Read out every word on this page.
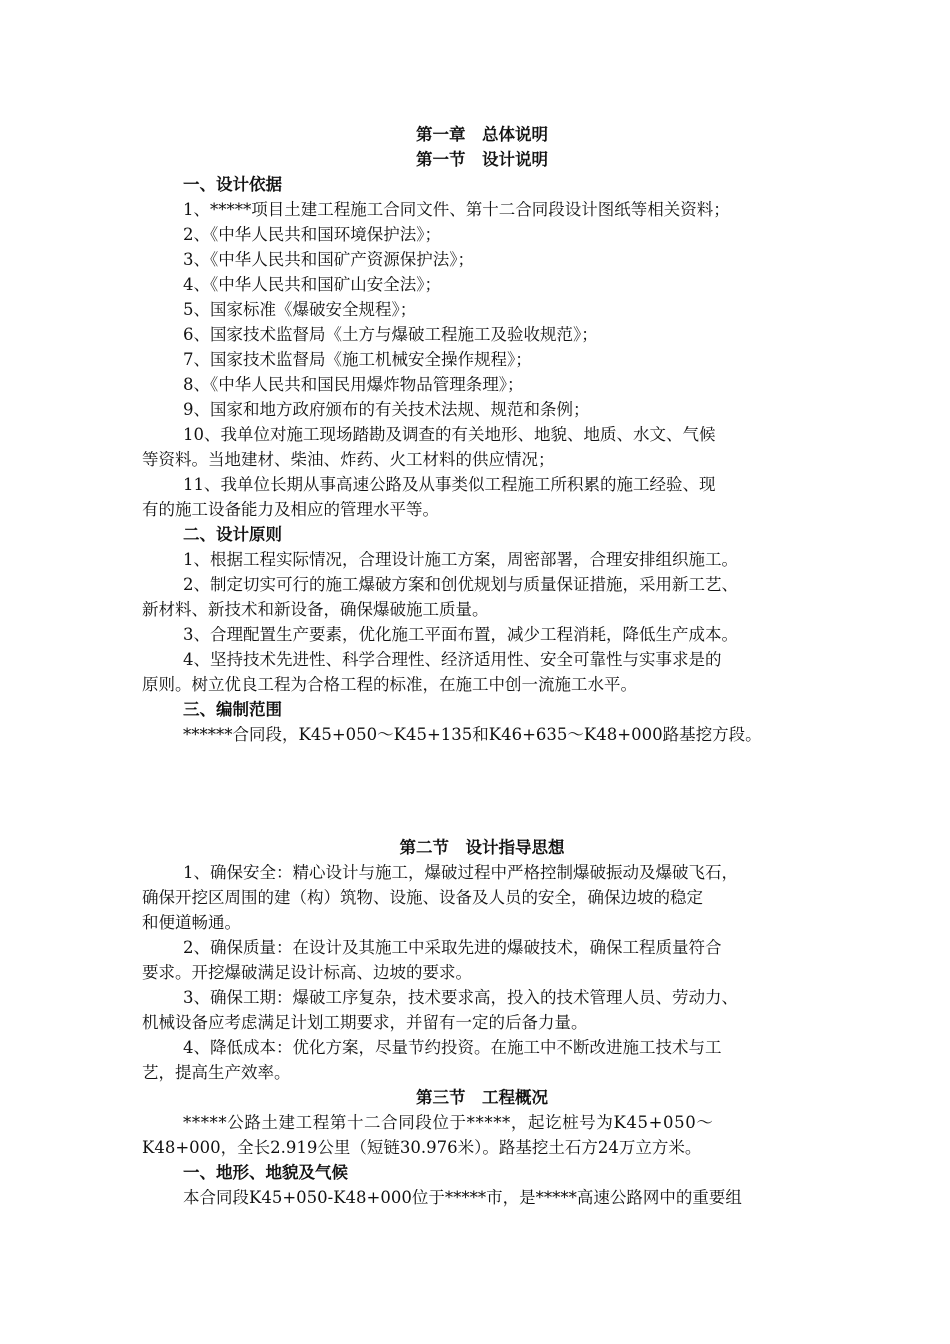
第一章　总体说明
第一节　设计说明
一、设计依据
1、*****项目土建工程施工合同文件、第十二合同段设计图纸等相关资料；
2、《中华人民共和国环境保护法》；
3、《中华人民共和国矿产资源保护法》；
4、《中华人民共和国矿山安全法》；
5、国家标准《爆破安全规程》；
6、国家技术监督局《土方与爆破工程施工及验收规范》；
7、国家技术监督局《施工机械安全操作规程》；
8、《中华人民共和国民用爆炸物品管理条理》；
9、国家和地方政府颁布的有关技术法规、规范和条例；
10、我单位对施工现场踏勘及调查的有关地形、地貌、地质、水文、气候
等资料。当地建材、柴油、炸药、火工材料的供应情况；
11、我单位长期从事高速公路及从事类似工程施工所积累的施工经验、现
有的施工设备能力及相应的管理水平等。
二、设计原则
1、根据工程实际情况，合理设计施工方案，周密部署，合理安排组织施工。
2、制定切实可行的施工爆破方案和创优规划与质量保证措施，采用新工艺、
新材料、新技术和新设备，确保爆破施工质量。
3、合理配置生产要素，优化施工平面布置，减少工程消耗，降低生产成本。
4、坚持技术先进性、科学合理性、经济适用性、安全可靠性与实事求是的
原则。树立优良工程为合格工程的标准，在施工中创一流施工水平。
三、编制范围
******合同段，K45+050～K45+135和K46+635～K48+000路基挖方段。
第二节　设计指导思想
1、确保安全：精心设计与施工，爆破过程中严格控制爆破振动及爆破飞石，
确保开挖区周围的建（构）筑物、设施、设备及人员的安全，确保边坡的稳定
和便道畅通。
2、确保质量：在设计及其施工中采取先进的爆破技术，确保工程质量符合
要求。开挖爆破满足设计标高、边坡的要求。
3、确保工期：爆破工序复杂，技术要求高，投入的技术管理人员、劳动力、
机械设备应考虑满足计划工期要求，并留有一定的后备力量。
4、降低成本：优化方案，尽量节约投资。在施工中不断改进施工技术与工
艺，提高生产效率。
第三节　工程概况
*****公路土建工程第十二合同段位于*****，起讫桩号为K45+050～
K48+000，全长2.919公里（短链30.976米）。路基挖土石方24万立方米。
一、地形、地貌及气候
本合同段K45+050-K48+000位于*****市，是*****高速公路网中的重要组
